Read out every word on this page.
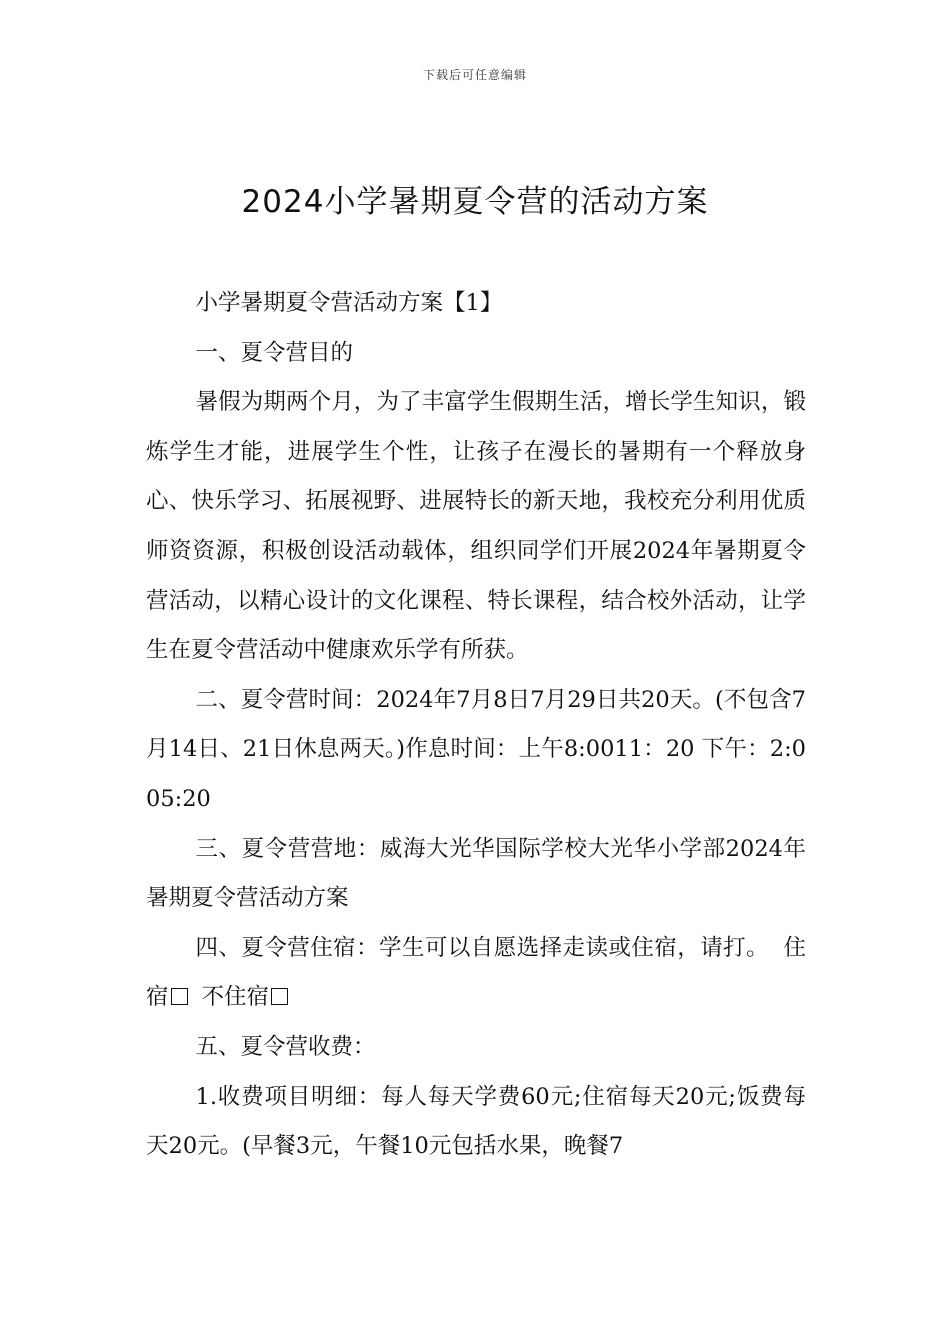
下载后可任意编辑
2024小学暑期夏令营的活动方案

小学暑期夏令营活动方案【1】

一、夏令营目的

暑假为期两个月，为了丰富学生假期生活，增长学生知识，锻炼学生才能，进展学生个性，让孩子在漫长的暑期有一个释放身心、快乐学习、拓展视野、进展特长的新天地，我校充分利用优质师资资源，积极创设活动载体，组织同学们开展2024年暑期夏令营活动，以精心设计的文化课程、特长课程，结合校外活动，让学生在夏令营活动中健康欢乐学有所获。

二、夏令营时间：2024年7月8日7月29日共20天。(不包含7月14日、21日休息两天。)作息时间：上午8:0011：20 下午：2:005:20

三、夏令营营地：威海大光华国际学校大光华小学部2024年暑期夏令营活动方案

四、夏令营住宿：学生可以自愿选择走读或住宿，请打。 住宿 不住宿

五、夏令营收费：

1.收费项目明细：每人每天学费60元;住宿每天20元;饭费每天20元。(早餐3元，午餐10元包括水果，晚餐7
